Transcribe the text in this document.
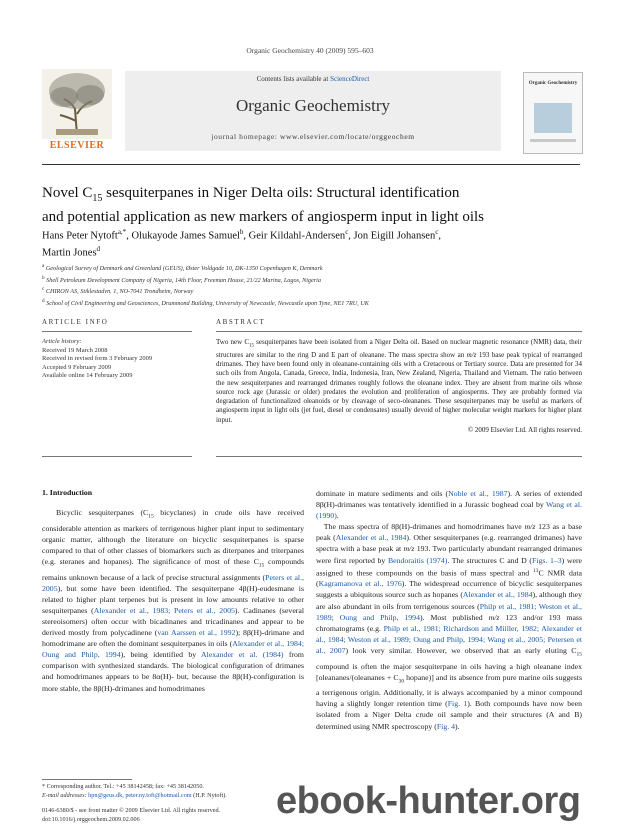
Organic Geochemistry 40 (2009) 595–603
ELSEVIER
Contents lists available at ScienceDirect
Organic Geochemistry
journal homepage: www.elsevier.com/locate/orggeochem
Organic Geochemistry
Novel $C_{15}$ sesquiterpanes in Niger Delta oils: Structural identification
and potential application as new markers of angiosperm input in light oils
Hans Peter Nytoft$^{a,*}$, Olukayode James Samuel$^b$, Geir Kildahl-Andersen$^c$, Jon Eigill Johansen$^c$,
Martin Jones$^d$
$^a$ Geological Survey of Denmark and Greenland (GEUS), Øster Voldgade 10, DK-1350 Copenhagen K, Denmark
$^b$ Shell Petroleum Development Company of Nigeria, 14th Floor, Freeman House, 21/22 Marina, Lagos, Nigeria
$^c$ CHIRON AS, Stiklestadvn. 1, NO-7041 Trondheim, Norway
$^d$ School of Civil Engineering and Geosciences, Drummond Building, University of Newcastle, Newcastle upon Tyne, NE1 7RU, UK
ARTICLE INFO	ABSTRACT
Article history:
Received 19 March 2008
Received in revised form 3 February 2009
Accepted 9 February 2009
Available online 14 February 2009
Two new $C_{15}$ sesquiterpanes have been isolated from a Niger Delta oil. Based on nuclear magnetic resonance (NMR) data, their structures are similar to the ring D and E part of oleanane. The mass spectra show an m/z 193 base peak typical of rearranged drimanes. They have been found only in oleanane-containing oils with a Cretaceous or Tertiary source. Data are presented for 34 such oils from Angola, Canada, Greece, India, Indonesia, Iran, New Zealand, Nigeria, Thailand and Vietnam. The ratio between the new sesquiterpanes and rearranged drimanes roughly follows the oleanane index. They are absent from marine oils whose source rock age (Jurassic or older) predates the evolution and proliferation of angiosperms. They are probably formed via degradation of functionalized oleanoids or by cleavage of seco-oleananes. These sesquiterpanes may be useful as markers of angiosperm input in light oils (jet fuel, diesel or condensates) usually devoid of higher molecular weight markers for higher plant input.
© 2009 Elsevier Ltd. All rights reserved.
1. Introduction
Bicyclic sesquiterpanes ($C_{15}$ bicyclanes) in crude oils have received considerable attention as markers of terrigenous higher plant input to sedimentary organic matter, although the literature on bicyclic sesquiterpanes is sparse compared to that of other classes of biomarkers such as diterpanes and triterpanes (e.g. steranes and hopanes). The significance of most of these $C_{15}$ compounds remains unknown because of a lack of precise structural assignments (Peters et al., 2005), but some have been identified. The sesquiterpane 4β(H)-eudesmane is related to higher plant terpenes but is present in low amounts relative to other sesquiterpanes (Alexander et al., 1983; Peters et al., 2005). Cadinanes (several stereoisomers) often occur with bicadinanes and tricadinanes and appear to be derived mostly from polycadinene (van Aarssen et al., 1992); 8β(H)-drimane and homodrimane are often the dominant sesquiterpanes in oils (Alexander et al., 1984; Oung and Philp, 1994), being identified by Alexander et al. (1984) from comparison with synthesized standards. The biological configuration of drimanes and homodrimanes appears to be 8α(H)- but, because the 8β(H)-configuration is more stable, the 8β(H)-drimanes and homodrimanes
dominate in mature sediments and oils (Noble et al., 1987). A series of extended 8β(H)-drimanes was tentatively identified in a Jurassic boghead coal by Wang et al. (1990).
 The mass spectra of 8β(H)-drimanes and homodrimanes have m/z 123 as a base peak (Alexander et al., 1984). Other sesquiterpanes (e.g. rearranged drimanes) have spectra with a base peak at m/z 193. Two particularly abundant rearranged drimanes were first reported by Bendoraitis (1974). The structures C and D (Figs. 1–3) were assigned to these compounds on the basis of mass spectral and $^{13}$C NMR data (Kagramanova et al., 1976). The widespread occurrence of bicyclic sesquiterpanes suggests a ubiquitous source such as hopanes (Alexander et al., 1984), although they are also abundant in oils from terrigenous sources (Philp et al., 1981; Weston et al., 1989; Oung and Philp, 1994). Most published m/z 123 and/or 193 mass chromatograms (e.g. Philp et al., 1981; Richardson and Miiller, 1982; Alexander et al., 1984; Weston et al., 1989; Oung and Philp, 1994; Wang et al., 2005; Petersen et al., 2007) look very similar. However, we observed that an early eluting $C_{15}$ compound is often the major sesquiterpane in oils having a high oleanane index [oleananes/(oleananes + $C_{30}$ hopane)] and its absence from pure marine oils suggests a terrigenous origin. Additionally, it is always accompanied by a minor compound having a slightly longer retention time (Fig. 1). Both compounds have now been isolated from a Niger Delta crude oil sample and their structures (A and B) determined using NMR spectroscopy (Fig. 4).
* Corresponding author. Tel.: +45 38142458; fax: +45 38142050.
E-mail addresses: hpn@geus.dk, peter.ny.toft@hotmail.com (H.P. Nytoft).
0146-6380/$ - see front matter © 2009 Elsevier Ltd. All rights reserved.
doi:10.1016/j.orggeochem.2009.02.006	ebook-hunter.org
